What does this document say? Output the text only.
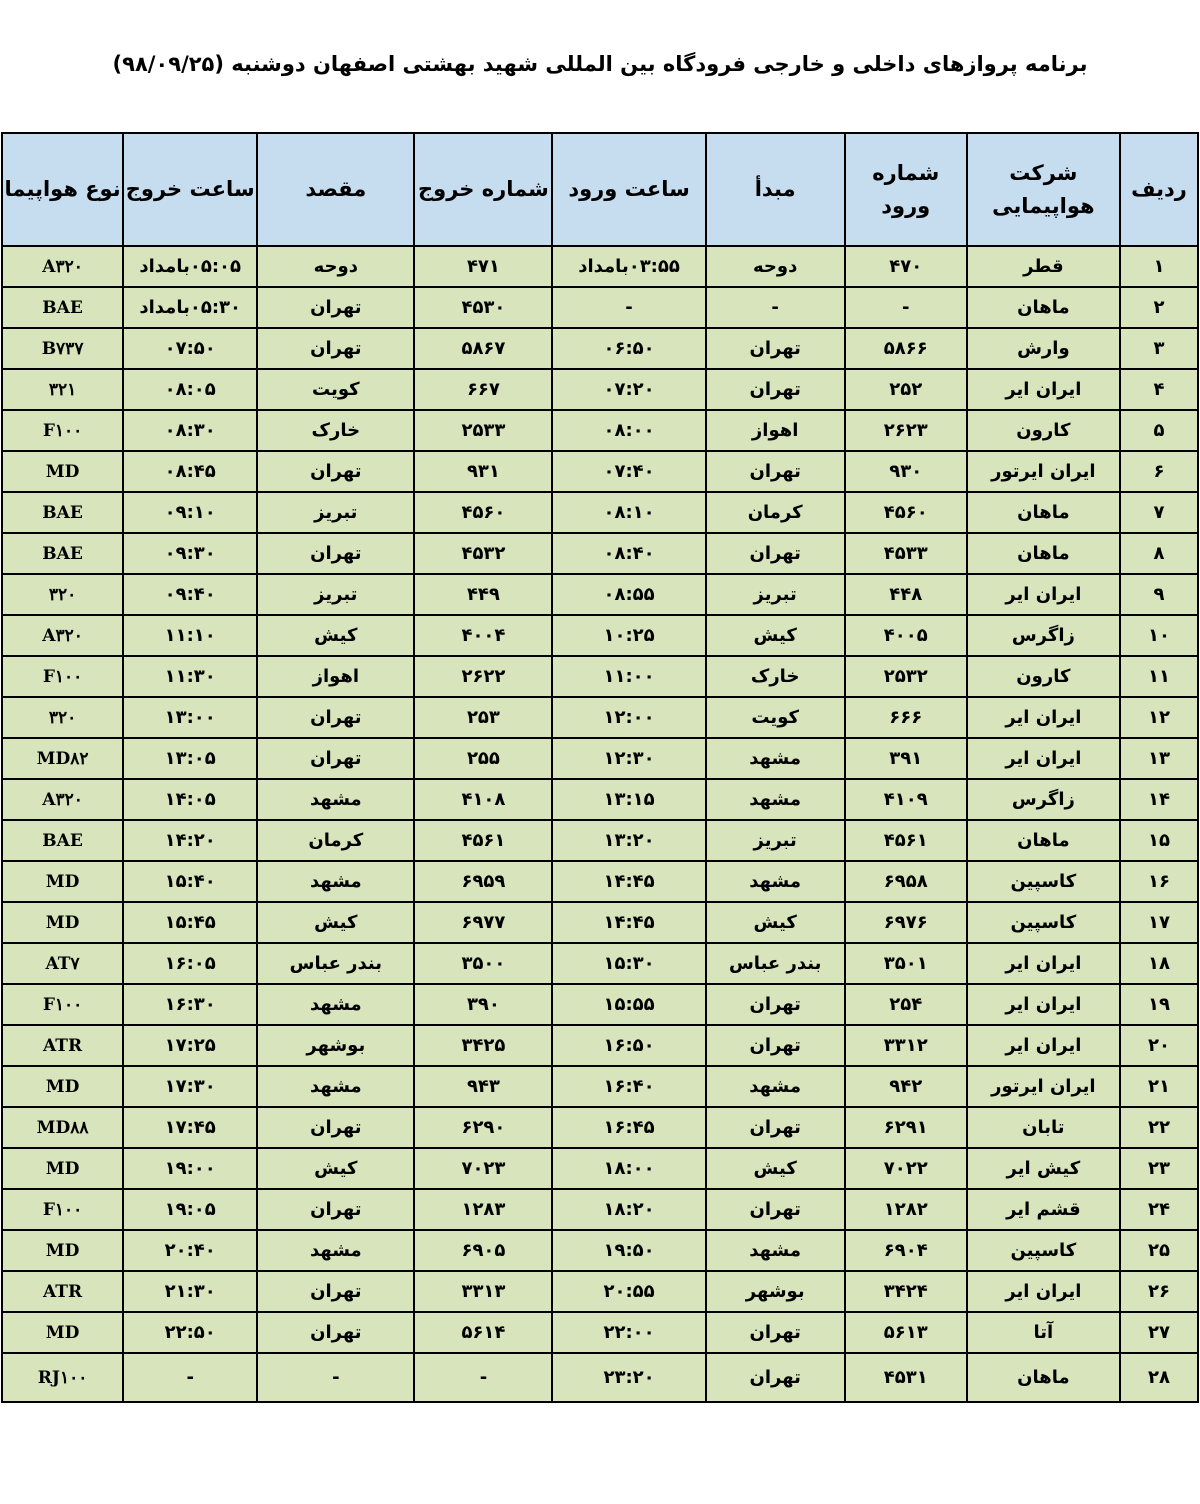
برنامه پروازهای داخلی و خارجی فرودگاه بین المللی شهید بهشتی اصفهان دوشنبه (۹۸/۰۹/۲۵)
ردیف	شرکت هواپیمایی	شماره ورود	مبدأ	ساعت ورود	شماره خروج	مقصد	ساعت خروج	نوع هواپیما
۱	قطر	۴۷۰	دوحه	۰۳:۵۵بامداد	۴۷۱	دوحه	۰۵:۰۵بامداد	A۳۲۰
۲	ماهان	-	-	-	۴۵۳۰	تهران	۰۵:۳۰بامداد	BAE
۳	وارش	۵۸۶۶	تهران	۰۶:۵۰	۵۸۶۷	تهران	۰۷:۵۰	B۷۳۷
۴	ایران ایر	۲۵۲	تهران	۰۷:۲۰	۶۶۷	کویت	۰۸:۰۵	۳۲۱
۵	کارون	۲۶۲۳	اهواز	۰۸:۰۰	۲۵۳۳	خارک	۰۸:۳۰	F۱۰۰
۶	ایران ایرتور	۹۳۰	تهران	۰۷:۴۰	۹۳۱	تهران	۰۸:۴۵	MD
۷	ماهان	۴۵۶۰	کرمان	۰۸:۱۰	۴۵۶۰	تبریز	۰۹:۱۰	BAE
۸	ماهان	۴۵۳۳	تهران	۰۸:۴۰	۴۵۳۲	تهران	۰۹:۳۰	BAE
۹	ایران ایر	۴۴۸	تبریز	۰۸:۵۵	۴۴۹	تبریز	۰۹:۴۰	۳۲۰
۱۰	زاگرس	۴۰۰۵	کیش	۱۰:۲۵	۴۰۰۴	کیش	۱۱:۱۰	A۳۲۰
۱۱	کارون	۲۵۳۲	خارک	۱۱:۰۰	۲۶۲۲	اهواز	۱۱:۳۰	F۱۰۰
۱۲	ایران ایر	۶۶۶	کویت	۱۲:۰۰	۲۵۳	تهران	۱۳:۰۰	۳۲۰
۱۳	ایران ایر	۳۹۱	مشهد	۱۲:۳۰	۲۵۵	تهران	۱۳:۰۵	MD۸۲
۱۴	زاگرس	۴۱۰۹	مشهد	۱۳:۱۵	۴۱۰۸	مشهد	۱۴:۰۵	A۳۲۰
۱۵	ماهان	۴۵۶۱	تبریز	۱۳:۲۰	۴۵۶۱	کرمان	۱۴:۲۰	BAE
۱۶	کاسپین	۶۹۵۸	مشهد	۱۴:۴۵	۶۹۵۹	مشهد	۱۵:۴۰	MD
۱۷	کاسپین	۶۹۷۶	کیش	۱۴:۴۵	۶۹۷۷	کیش	۱۵:۴۵	MD
۱۸	ایران ایر	۳۵۰۱	بندر عباس	۱۵:۳۰	۳۵۰۰	بندر عباس	۱۶:۰۵	AT۷
۱۹	ایران ایر	۲۵۴	تهران	۱۵:۵۵	۳۹۰	مشهد	۱۶:۳۰	F۱۰۰
۲۰	ایران ایر	۳۳۱۲	تهران	۱۶:۵۰	۳۴۲۵	بوشهر	۱۷:۲۵	ATR
۲۱	ایران ایرتور	۹۴۲	مشهد	۱۶:۴۰	۹۴۳	مشهد	۱۷:۳۰	MD
۲۲	تابان	۶۲۹۱	تهران	۱۶:۴۵	۶۲۹۰	تهران	۱۷:۴۵	MD۸۸
۲۳	کیش ایر	۷۰۲۲	کیش	۱۸:۰۰	۷۰۲۳	کیش	۱۹:۰۰	MD
۲۴	قشم ایر	۱۲۸۲	تهران	۱۸:۲۰	۱۲۸۳	تهران	۱۹:۰۵	F۱۰۰
۲۵	کاسپین	۶۹۰۴	مشهد	۱۹:۵۰	۶۹۰۵	مشهد	۲۰:۴۰	MD
۲۶	ایران ایر	۳۴۲۴	بوشهر	۲۰:۵۵	۳۳۱۳	تهران	۲۱:۳۰	ATR
۲۷	آتا	۵۶۱۳	تهران	۲۲:۰۰	۵۶۱۴	تهران	۲۲:۵۰	MD
۲۸	ماهان	۴۵۳۱	تهران	۲۳:۲۰	-	-	-	RJ۱۰۰
